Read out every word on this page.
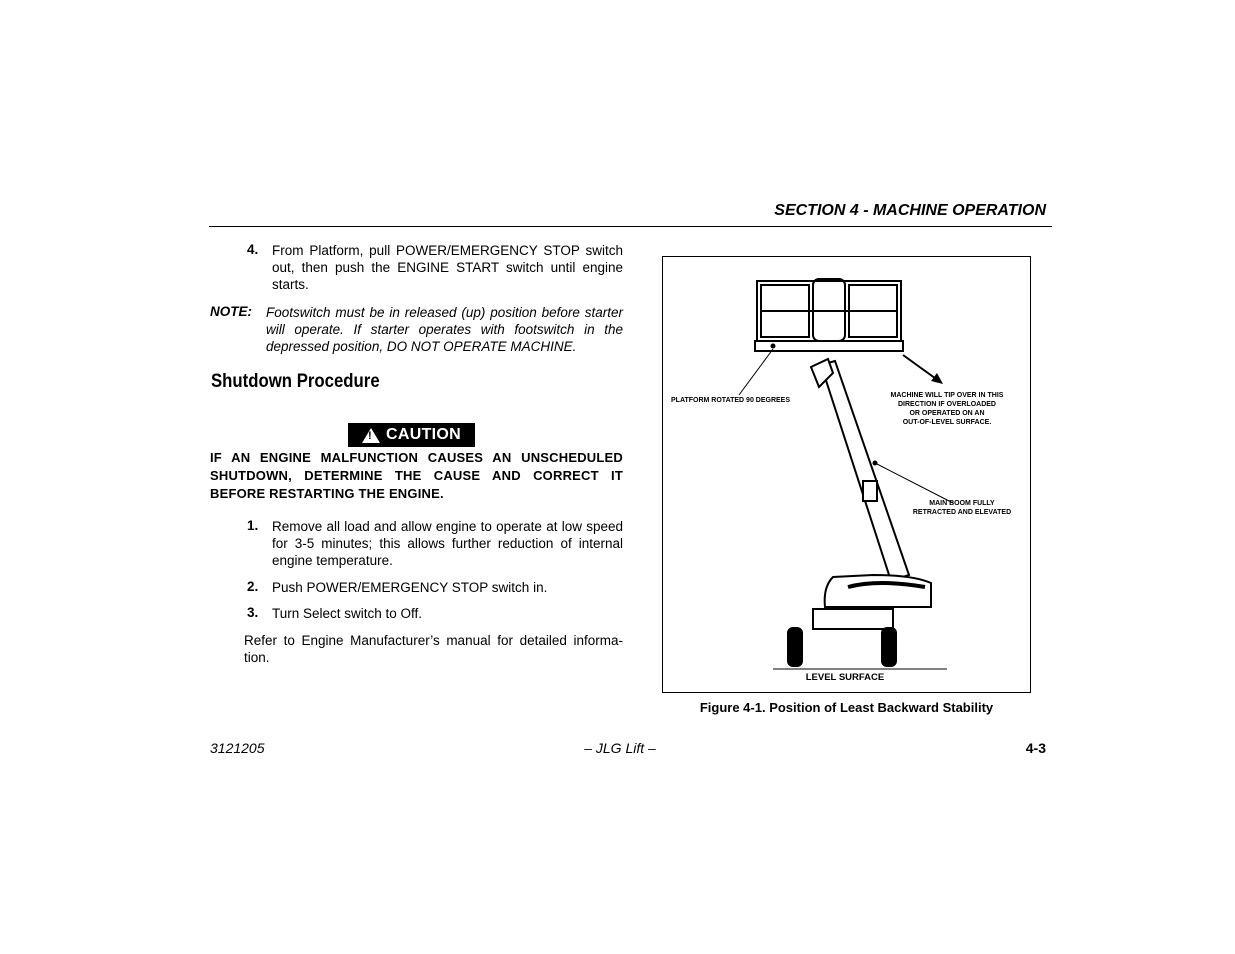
SECTION 4 - MACHINE OPERATION
4. From Platform, pull POWER/EMERGENCY STOP switch out, then push the ENGINE START switch until engine starts.
NOTE: Footswitch must be in released (up) position before starter will operate. If starter operates with footswitch in the depressed position, DO NOT OPERATE MACHINE.
Shutdown Procedure
! CAUTION
IF AN ENGINE MALFUNCTION CAUSES AN UNSCHEDULED SHUTDOWN, DETERMINE THE CAUSE AND CORRECT IT BEFORE RESTARTING THE ENGINE.
1. Remove all load and allow engine to operate at low speed for 3-5 minutes; this allows further reduction of internal engine temperature.
2. Push POWER/EMERGENCY STOP switch in.
3. Turn Select switch to Off.
Refer to Engine Manufacturer’s manual for detailed informa-tion.
PLATFORM ROTATED 90 DEGREES
MACHINE WILL TIP OVER IN THIS
DIRECTION IF OVERLOADED
OR OPERATED ON AN
OUT-OF-LEVEL SURFACE.
MAIN BOOM FULLY
RETRACTED AND ELEVATED
LEVEL SURFACE
Figure 4-1. Position of Least Backward Stability
3121205	– JLG Lift –	4-3
